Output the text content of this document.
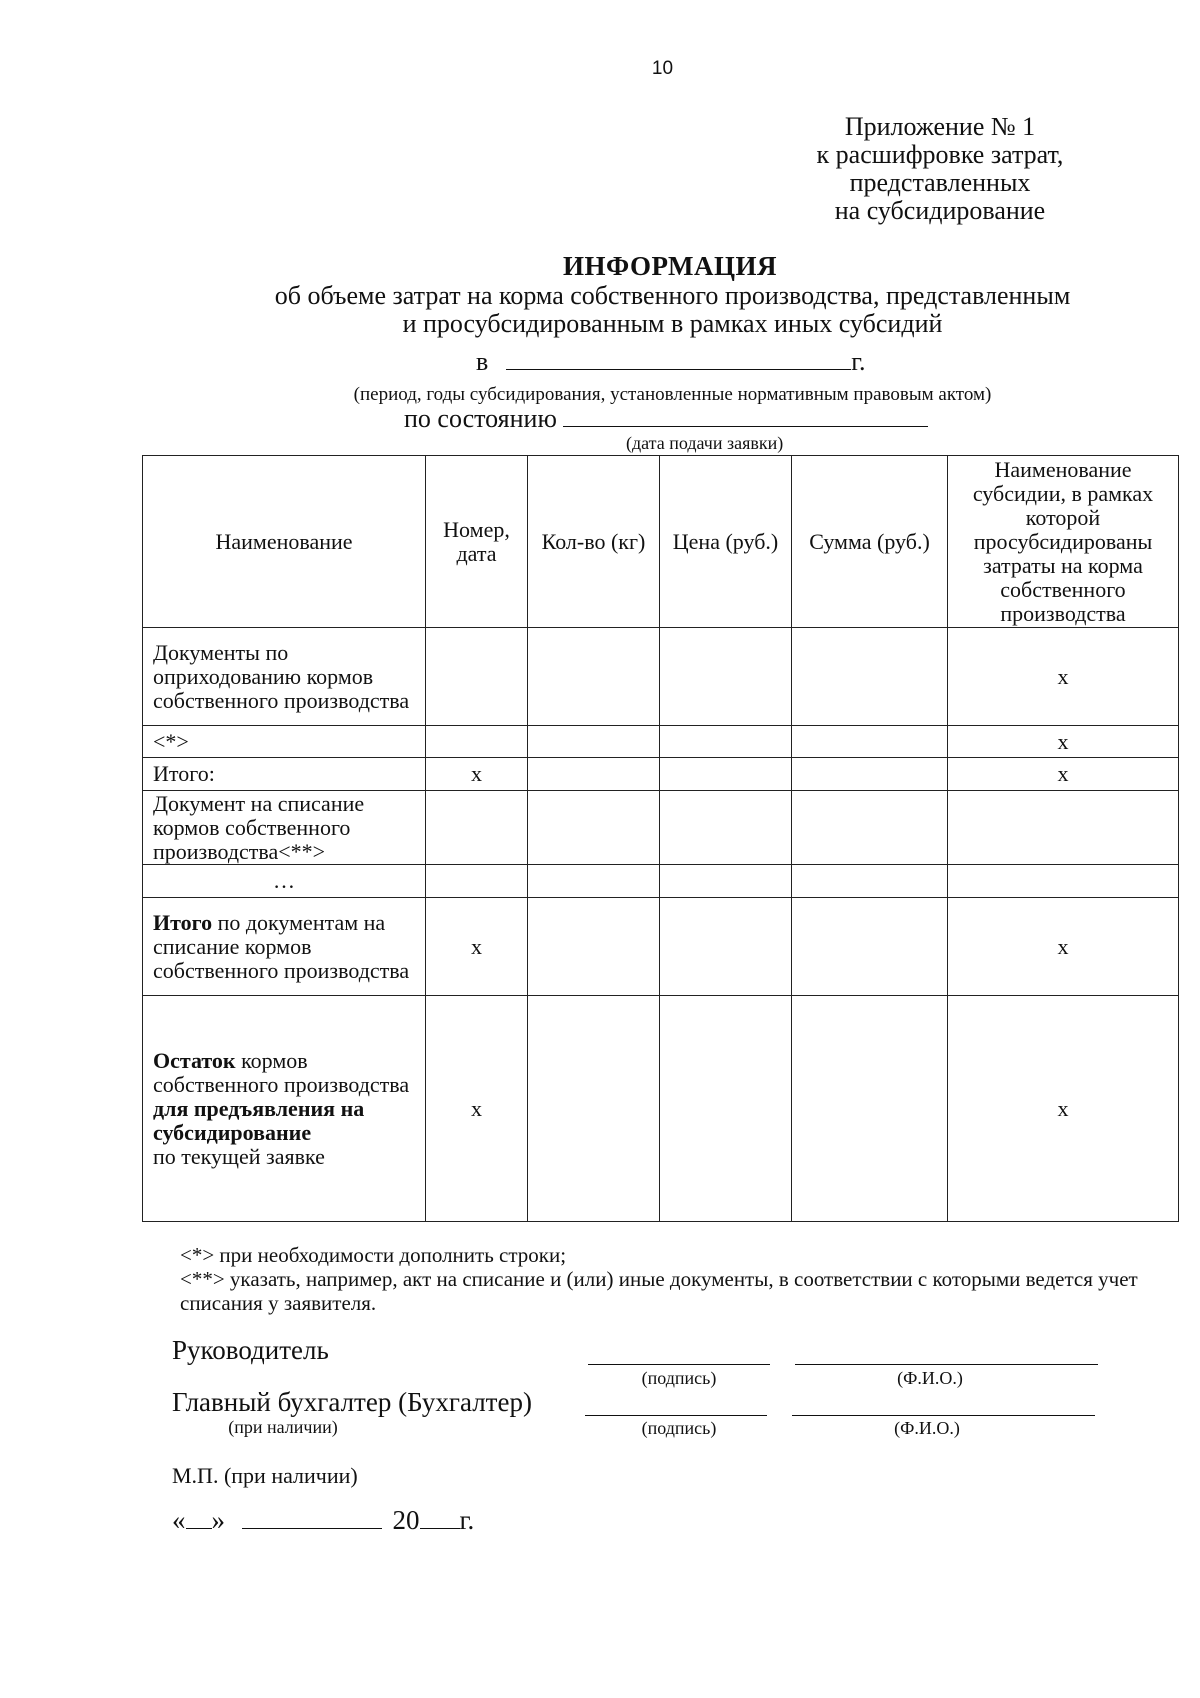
10
Приложение № 1
к расшифровке затрат,
представленных
на субсидирование
ИНФОРМАЦИЯ
об объеме затрат на корма собственного производства, представленным
и просубсидированным в рамках иных субсидий
в	г.
(период, годы субсидирования, установленные нормативным правовым актом)
по состоянию
(дата подачи заявки)
Наименование	Номер, дата	Кол-во (кг)	Цена (руб.)	Сумма (руб.)	Наименование субсидии, в рамках которой просубсидированы затраты на корма собственного производства
Документы по оприходованию кормов собственного производства					х
<*>					х
Итого:	х				х
Документ на списание кормов собственного производства<**>					
…					
Итого по документам на списание кормов собственного производства	х				х
Остаток кормов собственного производства
для предъявления на субсидирование
по текущей заявке	х				х
<*> при необходимости дополнить строки;
<**> указать, например, акт на списание и (или) иные документы, в соответствии с которыми ведется учет списания у заявителя.
Руководитель
(подпись)	(Ф.И.О.)
Главный бухгалтер (Бухгалтер)
(при наличии)	(подпись)	(Ф.И.О.)
М.П. (при наличии)
« »	20 г.
